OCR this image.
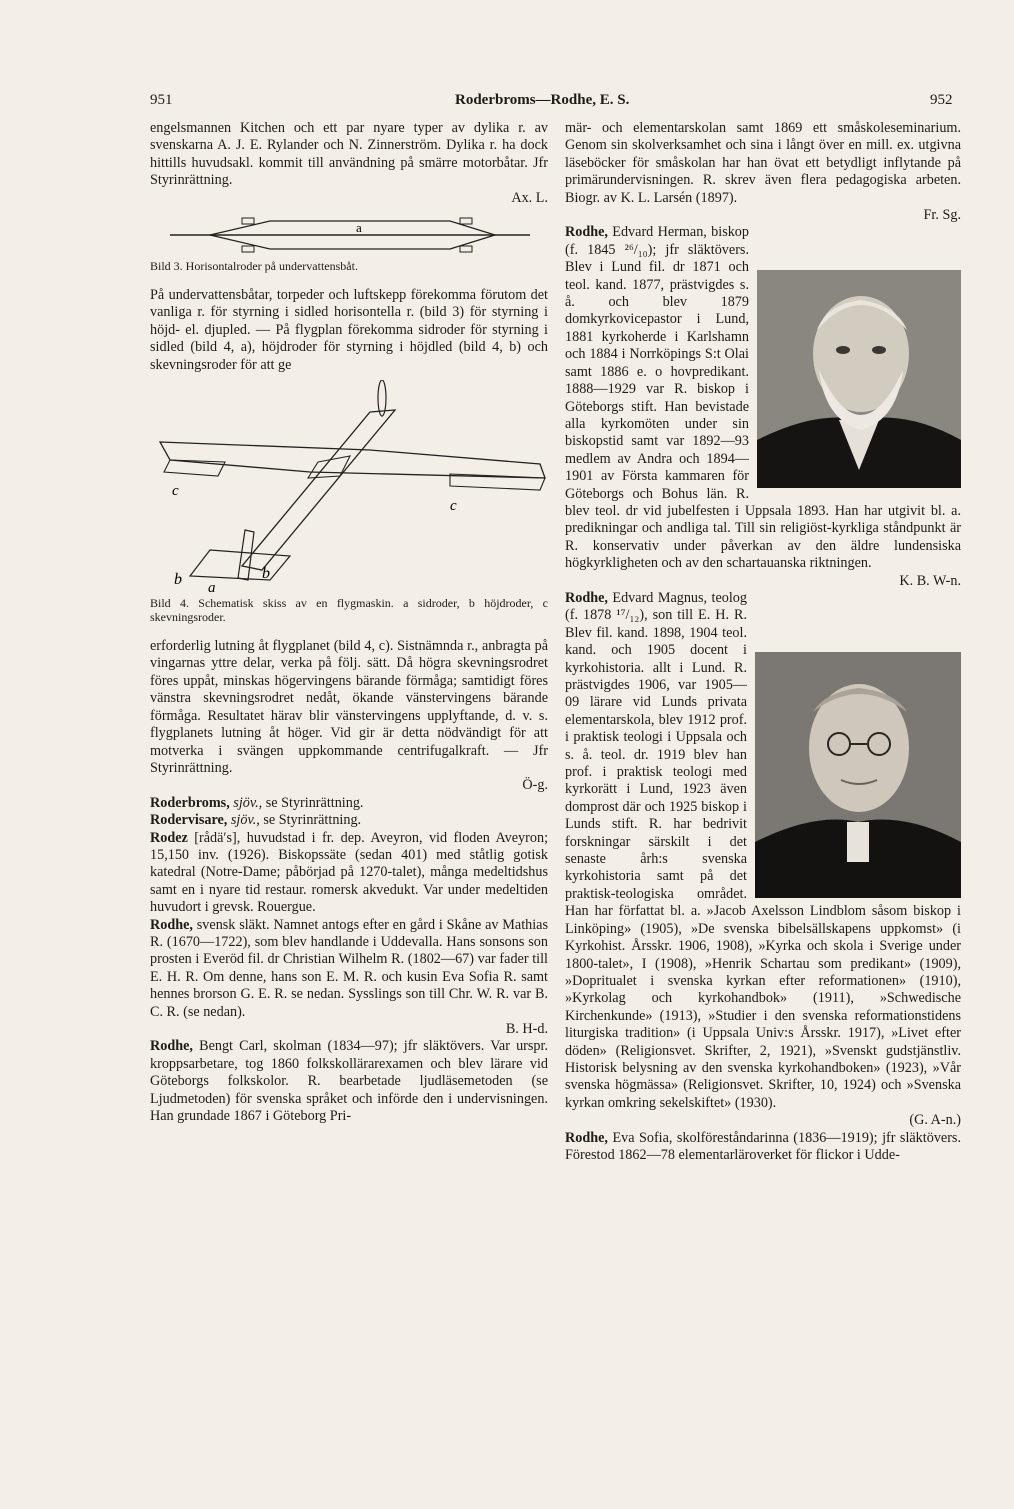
951	Roderbroms—Rodhe, E. S.	952

engelsmannen Kitchen och ett par nyare typer av dylika r. av svenskarna A. J. E. Rylander och N. Zinnerström. Dylika r. ha dock hittills huvudsakl. kommit till användning på smärre motorbåtar. Jfr Styrinrättning.
Ax. L.

a

Bild 3. Horisontalroder på undervattensbåt.

På undervattensbåtar, torpeder och luftskepp förekomma förutom det vanliga r. för styrning i sidled horisontella r. (bild 3) för styrning i höjd- el. djupled. — På flygplan förekomma sidroder för styrning i sidled (bild 4, a), höjdroder för styrning i höjdled (bild 4, b) och skevningsroder för att ge

c
c
b	b
a

Bild 4. Schematisk skiss av en flygmaskin. a sidroder, b höjdroder, c skevningsroder.

erforderlig lutning åt flygplanet (bild 4, c). Sistnämnda r., anbragta på vingarnas yttre delar, verka på följ. sätt. Då högra skevningsrodret föres uppåt, minskas högervingens bärande förmåga; samtidigt föres vänstra skevningsrodret nedåt, ökande vänstervingens bärande förmåga. Resultatet härav blir vänstervingens upplyftande, d. v. s. flygplanets lutning åt höger. Vid gir är detta nödvändigt för att motverka i svängen uppkommande centrifugalkraft. — Jfr Styrinrättning.
Ö-g.

Roderbroms, sjöv., se Styrinrättning.

Rodervisare, sjöv., se Styrinrättning.

Rodez [rådä′s], huvudstad i fr. dep. Aveyron, vid floden Aveyron; 15,150 inv. (1926). Biskopssäte (sedan 401) med ståtlig gotisk katedral (Notre-Dame; påbörjad på 1270-talet), många medeltidshus samt en i nyare tid restaur. romersk akvedukt. Var under medeltiden huvudort i grevsk. Rouergue.

Rodhe, svensk släkt. Namnet antogs efter en gård i Skåne av Mathias R. (1670—1722), som blev handlande i Uddevalla. Hans sonsons son prosten i Everöd fil. dr Christian Wilhelm R. (1802—67) var fader till E. H. R. Om denne, hans son E. M. R. och kusin Eva Sofia R. samt hennes brorson G. E. R. se nedan. Sysslings son till Chr. W. R. var B. C. R. (se nedan).
B. H-d.

Rodhe, Bengt Carl, skolman (1834—97); jfr släktövers. Var urspr. kroppsarbetare, tog 1860 folkskollärarexamen och blev lärare vid Göteborgs folkskolor. R. bearbetade ljudläsemetoden (se Ljudmetoden) för svenska språket och införde den i undervisningen. Han grundade 1867 i Göteborg Pri-

mär- och elementarskolan samt 1869 ett småskoleseminarium. Genom sin skolverksamhet och sina i långt över en mill. ex. utgivna läseböcker för småskolan har han övat ett betydligt inflytande på primärundervisningen. R. skrev även flera pedagogiska arbeten. Biogr. av K. L. Larsén (1897).
Fr. Sg.

Rodhe, Edvard Herman, biskop (f. 1845 ²⁶/₁₀); jfr släktövers. Blev i Lund fil. dr 1871 och teol. kand. 1877, prästvigdes s. å. och blev 1879 domkyrkovicepastor i Lund, 1881 kyrkoherde i Karlshamn och 1884 i Norrköpings S:t Olai samt 1886 e. o hovpredikant. 1888—1929 var R. biskop i Göteborgs stift. Han bevistade alla kyrkomöten under sin biskopstid samt var 1892—93 medlem av Andra och 1894—1901 av Första kammaren för Göteborgs och Bohus län. R. blev teol. dr vid jubelfesten i Uppsala 1893. Han har utgivit bl. a. predikningar och andliga tal. Till sin religiöst-kyrkliga ståndpunkt är R. konservativ under påverkan av den äldre lundensiska högkyrkligheten och av den schartauanska riktningen.
K. B. W-n.

Rodhe, Edvard Magnus, teolog (f. 1878 ¹⁷/₁₂), son till E. H. R. Blev fil. kand. 1898, 1904 teol. kand. och 1905 docent i kyrkohistoria. allt i Lund. R. prästvigdes 1906, var 1905—09 lärare vid Lunds privata elementarskola, blev 1912 prof. i praktisk teologi i Uppsala och s. å. teol. dr. 1919 blev han prof. i praktisk teologi med kyrkorätt i Lund, 1923 även domprost där och 1925 biskop i Lunds stift. R. har bedrivit forskningar särskilt i det senaste årh:s svenska kyrkohistoria samt på det praktisk-teologiska området. Han har författat bl. a. »Jacob Axelsson Lindblom såsom biskop i Linköping» (1905), »De svenska bibelsällskapens uppkomst» (i Kyrkohist. Årsskr. 1906, 1908), »Kyrka och skola i Sverige under 1800-talet», I (1908), »Henrik Schartau som predikant» (1909), »Dopritualet i svenska kyrkan efter reformationen» (1910), »Kyrkolag och kyrkohandbok» (1911), »Schwedische Kirchenkunde» (1913), »Studier i den svenska reformationstidens liturgiska tradition» (i Uppsala Univ:s Årsskr. 1917), »Livet efter döden» (Religionsvet. Skrifter, 2, 1921), »Svenskt gudstjänstliv. Historisk belysning av den svenska kyrkohandboken» (1923), »Vår svenska högmässa» (Religionsvet. Skrifter, 10, 1924) och »Svenska kyrkan omkring sekelskiftet» (1930).
(G. A-n.)

Rodhe, Eva Sofia, skolföreståndarinna (1836—1919); jfr släktövers. Förestod 1862—78 elementarläroverket för flickor i Udde-
